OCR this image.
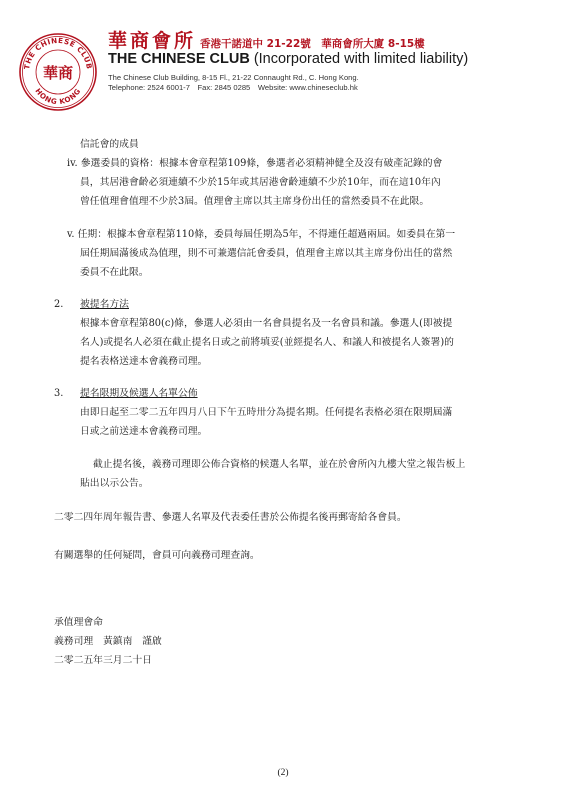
THE CHINESE CLUB
HONG KONG
華商
華商會所 香港干諾道中 21-22號　華商會所大廈 8-15樓
THE CHINESE CLUB (Incorporated with limited liability)
The Chinese Club Building, 8-15 Fl., 21-22 Connaught Rd., C. Hong Kong.
Telephone: 2524 6001-7　Fax: 2845 0285　Website: www.chineseclub.hk
信託會的成員
iv. 參選委員的資格：根據本會章程第109條，參選者必須精神健全及沒有破產記錄的會
員，其居港會齡必須連續不少於15年或其居港會齡連續不少於10年，而在這10年內
曾任值理會值理不少於3屆。值理會主席以其主席身份出任的當然委員不在此限。
v. 任期：根據本會章程第110條，委員每屆任期為5年，不得連任超過兩屆。如委員在第一
屆任期屆滿後成為值理，則不可兼選信託會委員，值理會主席以其主席身份出任的當然
委員不在此限。
2. 被提名方法
根據本會章程第80(c)條，參選人必須由一名會員提名及一名會員和議。參選人(即被提
名人)或提名人必須在截止提名日或之前將填妥(並經提名人、和議人和被提名人簽署)的
提名表格送達本會義務司理。
3. 提名限期及候選人名單公佈
由即日起至二零二五年四月八日下午五時卅分為提名期。任何提名表格必須在限期屆滿
日或之前送達本會義務司理。
截止提名後，義務司理即公佈合資格的候選人名單，並在於會所內九樓大堂之報告板上
貼出以示公告。
二零二四年周年報告書、參選人名單及代表委任書於公佈提名後再郵寄給各會員。
有關選舉的任何疑問，會員可向義務司理查詢。
承值理會命
義務司理　黃鎮南　謹啟
二零二五年三月二十日
(2)
